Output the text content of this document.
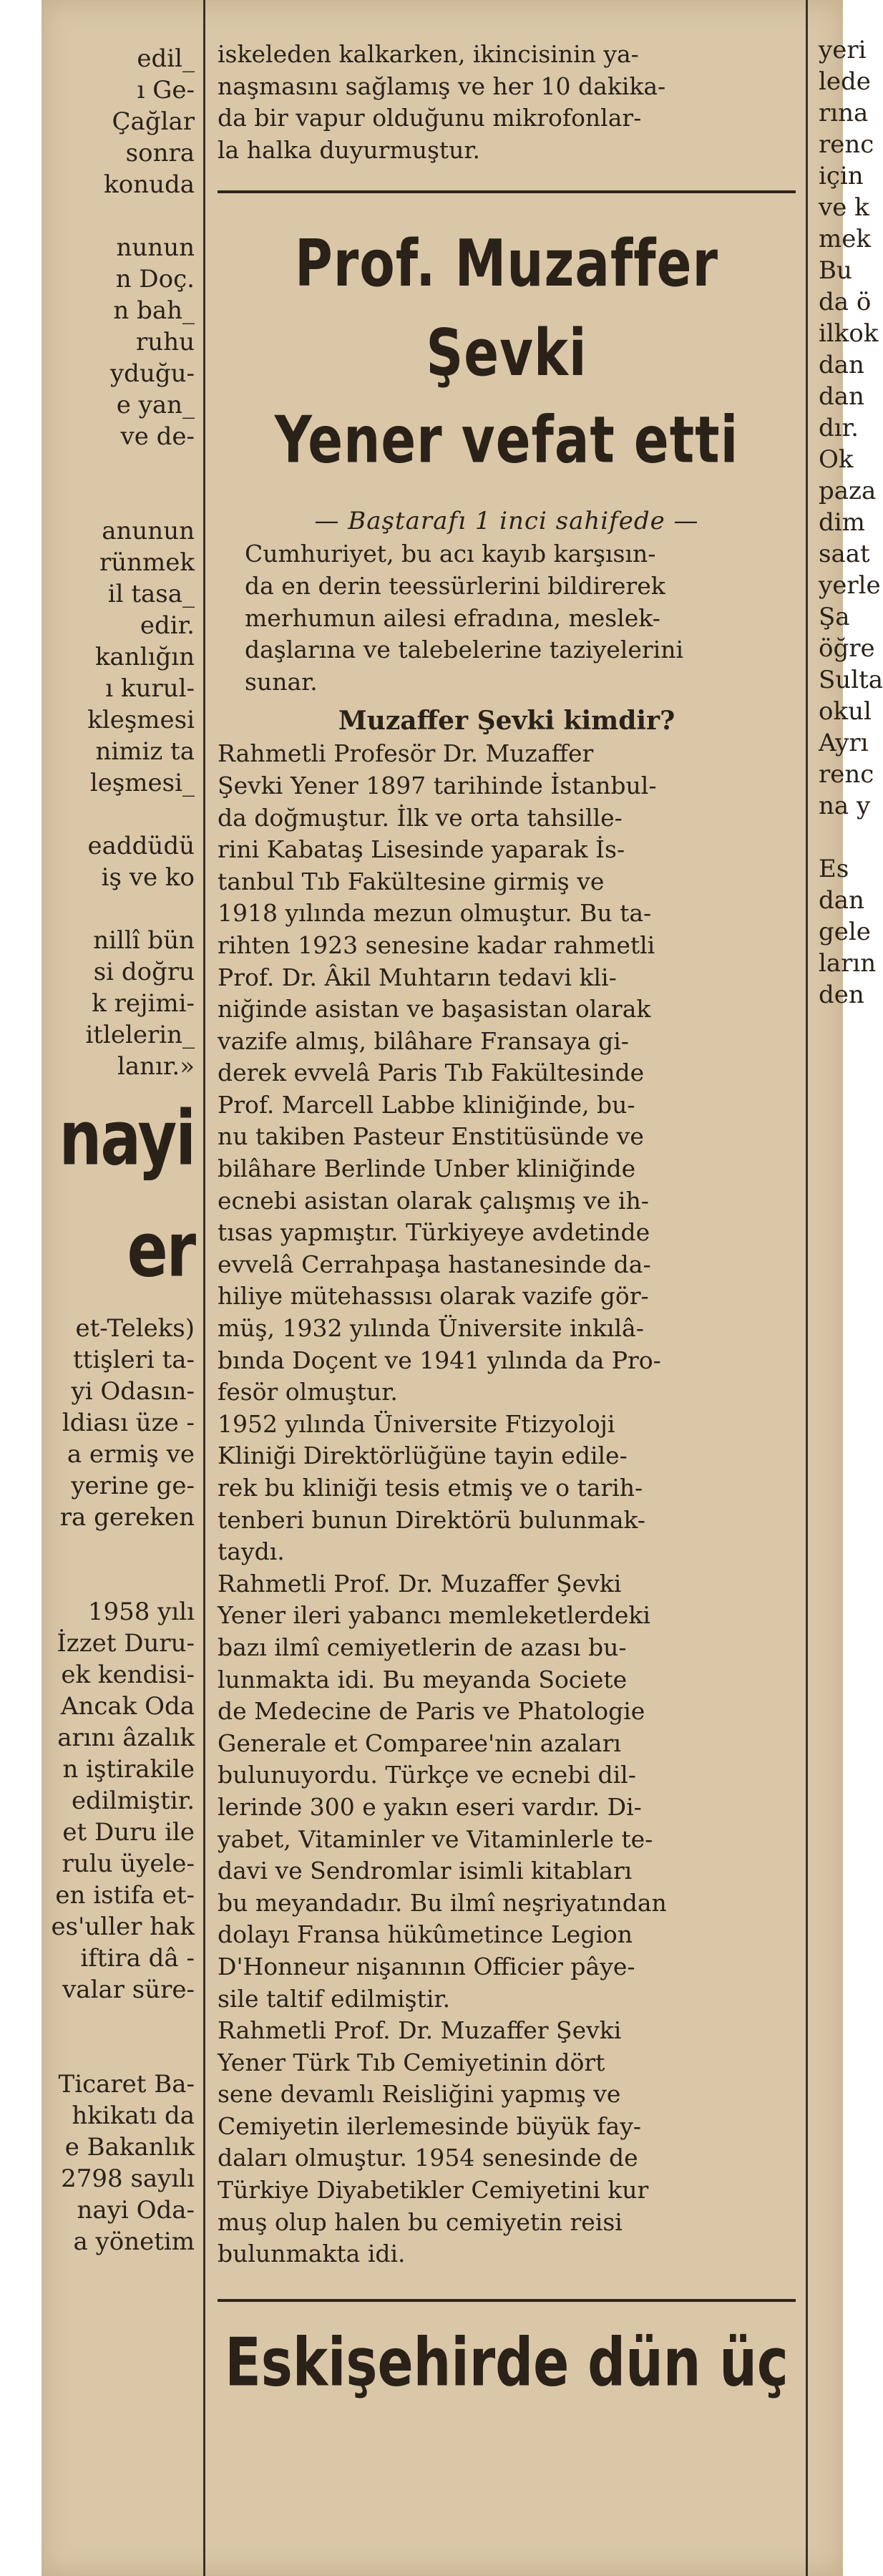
edil_
ı Ge-
Çağlar
sonra
konuda
nunun
n Doç.
n bah_
ruhu
yduğu-
e yan_
ve de-
anunun
rünmek
il tasa_
edir.
kanlığın
ı kurul-
kleşmesi
nimiz ta
leşmesi_
eaddüdü
iş ve ko
nillî bün
si doğru
k rejimi-
itlelerin_
lanır.»
nayi
er
et-Teleks)
ttişleri ta-
yi Odasın-
ldiası üze -
a ermiş ve
yerine ge-
ra gereken
1958 yılı
İzzet Duru-
ek kendisi-
Ancak Oda
arını âzalık
n iştirakile
edilmiştir.
et Duru ile
rulu üyele-
en istifa et-
es'uller hak
iftira dâ -
valar süre-
Ticaret Ba-
hkikatı da
e Bakanlık
2798 sayılı
nayi Oda-
a yönetim
iskeleden kalkarken, ikincisinin ya-
naşmasını sağlamış ve her 10 dakika-
da bir vapur olduğunu mikrofonlar-
la halka duyurmuştur.
Prof. Muzaffer Şevki
Yener vefat etti
— Baştarafı 1 inci sahifede —
Cumhuriyet, bu acı kayıb karşısın-
da en derin teessürlerini bildirerek
merhumun ailesi efradına, meslek-
daşlarına ve talebelerine taziyelerini
sunar.
Muzaffer Şevki kimdir?
Rahmetli Profesör Dr. Muzaffer
Şevki Yener 1897 tarihinde İstanbul-
da doğmuştur. İlk ve orta tahsille-
rini Kabataş Lisesinde yaparak İs-
tanbul Tıb Fakültesine girmiş ve
1918 yılında mezun olmuştur. Bu ta-
rihten 1923 senesine kadar rahmetli
Prof. Dr. Âkil Muhtarın tedavi kli-
niğinde asistan ve başasistan olarak
vazife almış, bilâhare Fransaya gi-
derek evvelâ Paris Tıb Fakültesinde
Prof. Marcell Labbe kliniğinde, bu-
nu takiben Pasteur Enstitüsünde ve
bilâhare Berlinde Unber kliniğinde
ecnebi asistan olarak çalışmış ve ih-
tısas yapmıştır. Türkiyeye avdetinde
evvelâ Cerrahpaşa hastanesinde da-
hiliye mütehassısı olarak vazife gör-
müş, 1932 yılında Üniversite inkılâ-
bında Doçent ve 1941 yılında da Pro-
fesör olmuştur.
1952 yılında Üniversite Ftizyoloji
Kliniği Direktörlüğüne tayin edile-
rek bu kliniği tesis etmiş ve o tarih-
tenberi bunun Direktörü bulunmak-
taydı.
Rahmetli Prof. Dr. Muzaffer Şevki
Yener ileri yabancı memleketlerdeki
bazı ilmî cemiyetlerin de azası bu-
lunmakta idi. Bu meyanda Societe
de Medecine de Paris ve Phatologie
Generale et Comparee'nin azaları
bulunuyordu. Türkçe ve ecnebi dil-
lerinde 300 e yakın eseri vardır. Di-
yabet, Vitaminler ve Vitaminlerle te-
davi ve Sendromlar isimli kitabları
bu meyandadır. Bu ilmî neşriyatından
dolayı Fransa hükûmetince Legion
D'Honneur nişanının Officier pâye-
sile taltif edilmiştir.
Rahmetli Prof. Dr. Muzaffer Şevki
Yener Türk Tıb Cemiyetinin dört
sene devamlı Reisliğini yapmış ve
Cemiyetin ilerlemesinde büyük fay-
daları olmuştur. 1954 senesinde de
Türkiye Diyabetikler Cemiyetini kur
muş olup halen bu cemiyetin reisi
bulunmakta idi.
Eskişehirde dün üç
yeri
lede
rına
renc
için
ve k
mek
Bu
da ö
ilkok
dan
dan
dır.
Ok
paza
dim
saat
yerle
Şa
öğre
Sulta
okul
Ayrı
renc
na y
Es
dan
gele
ların
den
